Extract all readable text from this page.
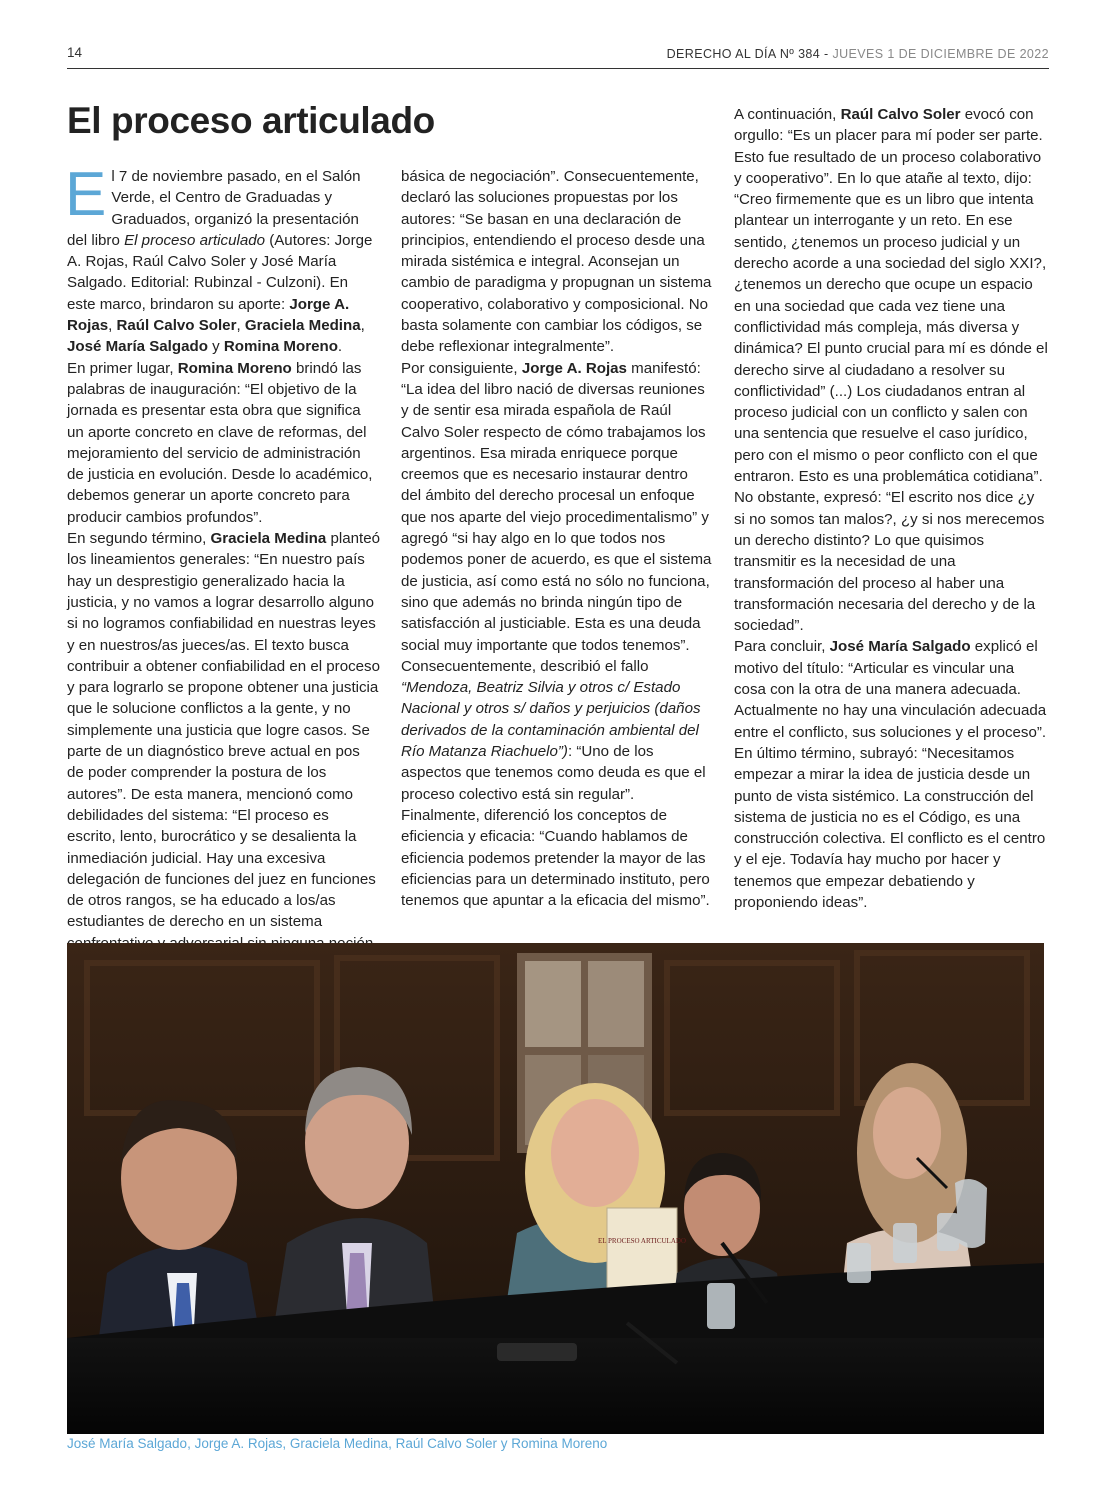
14	DERECHO AL DÍA Nº 384 - JUEVES 1 DE DICIEMBRE DE 2022
El proceso articulado

El 7 de noviembre pasado, en el Salón Verde, el Centro de Graduadas y Graduados, organizó la presentación del libro El proceso articulado (Autores: Jorge A. Rojas, Raúl Calvo Soler y José María Salgado. Editorial: Rubinzal - Culzoni). En este marco, brindaron su aporte: Jorge A. Rojas, Raúl Calvo Soler, Graciela Medina, José María Salgado y Romina Moreno.
En primer lugar, Romina Moreno brindó las palabras de inauguración: “El objetivo de la jornada es presentar esta obra que significa un aporte concreto en clave de reformas, del mejoramiento del servicio de administración de justicia en evolución. Desde lo académico, debemos generar un aporte concreto para producir cambios profundos”.
En segundo término, Graciela Medina planteó los lineamientos generales: “En nuestro país hay un desprestigio generalizado hacia la justicia, y no vamos a lograr desarrollo alguno si no logramos confiabilidad en nuestras leyes y en nuestros/as jueces/as. El texto busca contribuir a obtener confiabilidad en el proceso y para lograrlo se propone obtener una justicia que le solucione conflictos a la gente, y no simplemente una justicia que logre casos. Se parte de un diagnóstico breve actual en pos de poder comprender la postura de los autores”. De esta manera, mencionó como debilidades del sistema: “El proceso es escrito, lento, burocrático y se desalienta la inmediación judicial. Hay una excesiva delegación de funciones del juez en funciones de otros rangos, se ha educado a los/as estudiantes de derecho en un sistema

básica de negociación”. Consecuentemente, declaró las soluciones propuestas por los autores: “Se basan en una declaración de principios, entendiendo el proceso desde una mirada sistémica e integral. Aconsejan un cambio de paradigma y propugnan un sistema cooperativo, colaborativo y composicional. No basta solamente con cambiar los códigos, se debe reflexionar integralmente”.
Por consiguiente, Jorge A. Rojas manifestó: “La idea del libro nació de diversas reuniones y de sentir esa mirada española de Raúl Calvo Soler respecto de cómo trabajamos los argentinos. Esa mirada enriquece porque creemos que es necesario instaurar dentro del ámbito del derecho procesal un enfoque que nos aparte del viejo procedimentalismo” y agregó “si hay algo en lo que todos nos podemos poner de acuerdo, es que el sistema de justicia, así como está no sólo no funciona, sino que además no brinda ningún tipo de satisfacción al justiciable. Esta es una deuda social muy importante que todos tenemos”. Consecuentemente, describió el fallo “Mendoza, Beatriz Silvia y otros c/ Estado Nacional y otros s/ daños y perjuicios (daños derivados de la contaminación ambiental del Río Matanza Riachuelo”): “Uno de los aspectos que tenemos como deuda es que el proceso colectivo está sin regular”. Finalmente, diferenció los conceptos de eficiencia y eficacia: “Cuando hablamos de eficiencia podemos pretender la mayor de las eficiencias para un determinado instituto, pero tenemos que apuntar a la eficacia del mismo”.

A continuación, Raúl Calvo Soler evocó con orgullo: “Es un placer para mí poder ser parte. Esto fue resultado de un proceso colaborativo y cooperativo”. En lo que atañe al texto, dijo: “Creo firmemente que es un libro que intenta plantear un interrogante y un reto. En ese sentido, ¿tenemos un proceso judicial y un derecho acorde a una sociedad del siglo XXI?, ¿tenemos un derecho que ocupe un espacio en una sociedad que cada vez tiene una conflictividad más compleja, más diversa y dinámica? El punto crucial para mí es dónde el derecho sirve al ciudadano a resolver su conflictividad” (...) Los ciudadanos entran al proceso judicial con un conflicto y salen con una sentencia que resuelve el caso jurídico, pero con el mismo o peor conflicto con el que entraron. Esto es una problemática cotidiana”. No obstante, expresó: “El escrito nos dice ¿y si no somos tan malos?, ¿y si nos merecemos un derecho distinto? Lo que quisimos transmitir es la necesidad de una transformación del proceso al haber una transformación necesaria del derecho y de la sociedad”.
Para concluir, José María Salgado explicó el motivo del título: “Articular es vincular una cosa con la otra de una manera adecuada. Actualmente no hay una vinculación adecuada entre el conflicto, sus soluciones y el proceso”. En último término, subrayó: “Necesitamos empezar a mirar la idea de justicia desde un punto de vista sistémico. La construcción del sistema de justicia no es el Código, es una construcción colectiva. El conflicto es el centro y el eje. Todavía hay mucho por hacer y tenemos que empezar debatiendo y proponiendo ideas”.

EL PROCESO ARTICULADO
José María Salgado, Jorge A. Rojas, Graciela Medina, Raúl Calvo Soler y Romina Moreno
